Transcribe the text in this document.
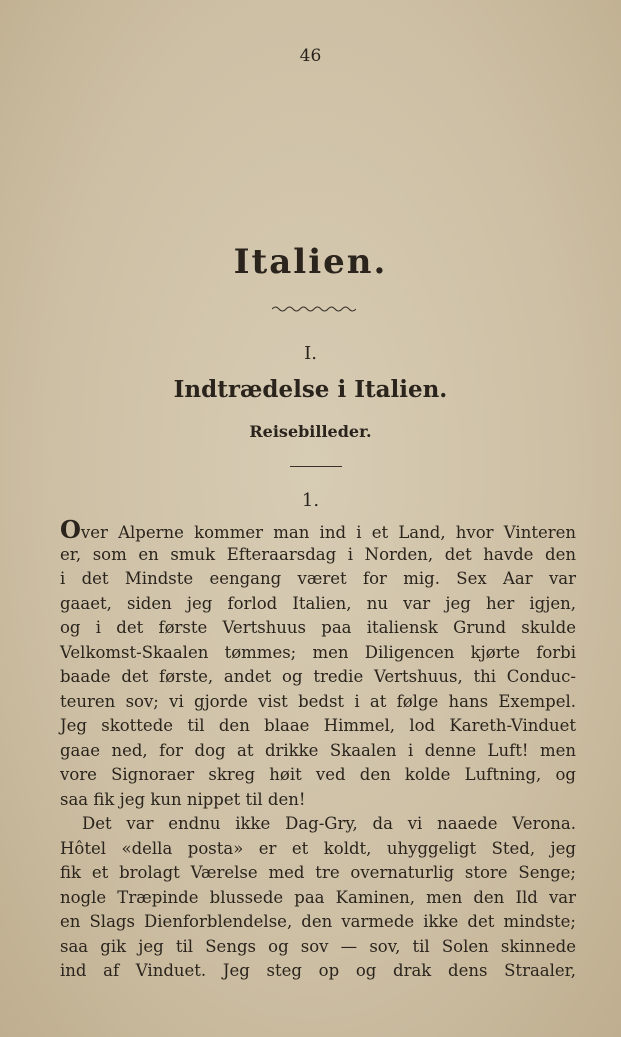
46
Italien.
I.
Indtrædelse i Italien.
Reisebilleder.
1.
Over Alperne kommer man ind i et Land, hvor Vinteren
er, som en smuk Efteraarsdag i Norden, det havde den
i det Mindste eengang været for mig. Sex Aar var
gaaet, siden jeg forlod Italien, nu var jeg her igjen,
og i det første Vertshuus paa italiensk Grund skulde
Velkomst-Skaalen tømmes; men Diligencen kjørte forbi
baade det første, andet og tredie Vertshuus, thi Conduc-
teuren sov; vi gjorde vist bedst i at følge hans Exempel.
Jeg skottede til den blaae Himmel, lod Kareth-Vinduet
gaae ned, for dog at drikke Skaalen i denne Luft! men
vore Signoraer skreg høit ved den kolde Luftning, og
saa fik jeg kun nippet til den!
Det var endnu ikke Dag-Gry, da vi naaede Verona.
Hôtel «della posta» er et koldt, uhyggeligt Sted, jeg
fik et brolagt Værelse med tre overnaturlig store Senge;
nogle Træpinde blussede paa Kaminen, men den Ild var
en Slags Dienforblendelse, den varmede ikke det mindste;
saa gik jeg til Sengs og sov — sov, til Solen skinnede
ind af Vinduet. Jeg steg op og drak dens Straaler,
